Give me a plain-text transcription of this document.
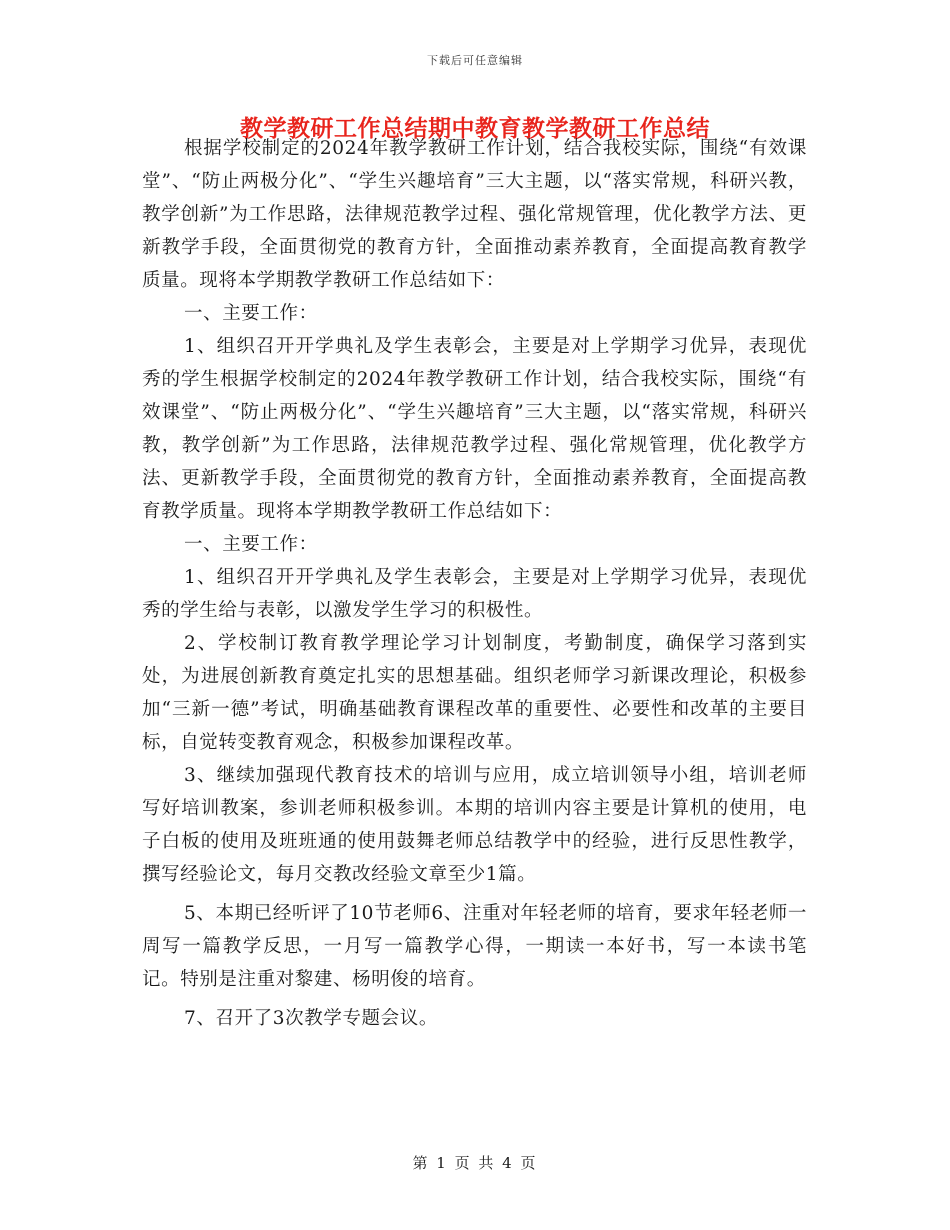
下载后可任意编辑
教学教研工作总结期中教育教学教研工作总结

根据学校制定的2024年教学教研工作计划，结合我校实际，围绕“有效课堂”、“防止两极分化”、“学生兴趣培育”三大主题，以“落实常规，科研兴教，教学创新”为工作思路，法律规范教学过程、强化常规管理，优化教学方法、更新教学手段，全面贯彻党的教育方针，全面推动素养教育，全面提高教育教学质量。现将本学期教学教研工作总结如下：

一、主要工作：

1、组织召开开学典礼及学生表彰会，主要是对上学期学习优异，表现优秀的学生根据学校制定的2024年教学教研工作计划，结合我校实际，围绕“有效课堂”、“防止两极分化”、“学生兴趣培育”三大主题，以“落实常规，科研兴教，教学创新”为工作思路，法律规范教学过程、强化常规管理，优化教学方法、更新教学手段，全面贯彻党的教育方针，全面推动素养教育，全面提高教育教学质量。现将本学期教学教研工作总结如下：

一、主要工作：

1、组织召开开学典礼及学生表彰会，主要是对上学期学习优异，表现优秀的学生给与表彰，以激发学生学习的积极性。

2、学校制订教育教学理论学习计划制度，考勤制度，确保学习落到实处，为进展创新教育奠定扎实的思想基础。组织老师学习新课改理论，积极参加“三新一德”考试，明确基础教育课程改革的重要性、必要性和改革的主要目标，自觉转变教育观念，积极参加课程改革。

3、继续加强现代教育技术的培训与应用，成立培训领导小组，培训老师写好培训教案，参训老师积极参训。本期的培训内容主要是计算机的使用，电子白板的使用及班班通的使用鼓舞老师总结教学中的经验，进行反思性教学，撰写经验论文，每月交教改经验文章至少1篇。

5、本期已经听评了10节老师6、注重对年轻老师的培育，要求年轻老师一周写一篇教学反思，一月写一篇教学心得，一期读一本好书，写一本读书笔记。特别是注重对黎建、杨明俊的培育。

7、召开了3次教学专题会议。

第 1 页 共 4 页
